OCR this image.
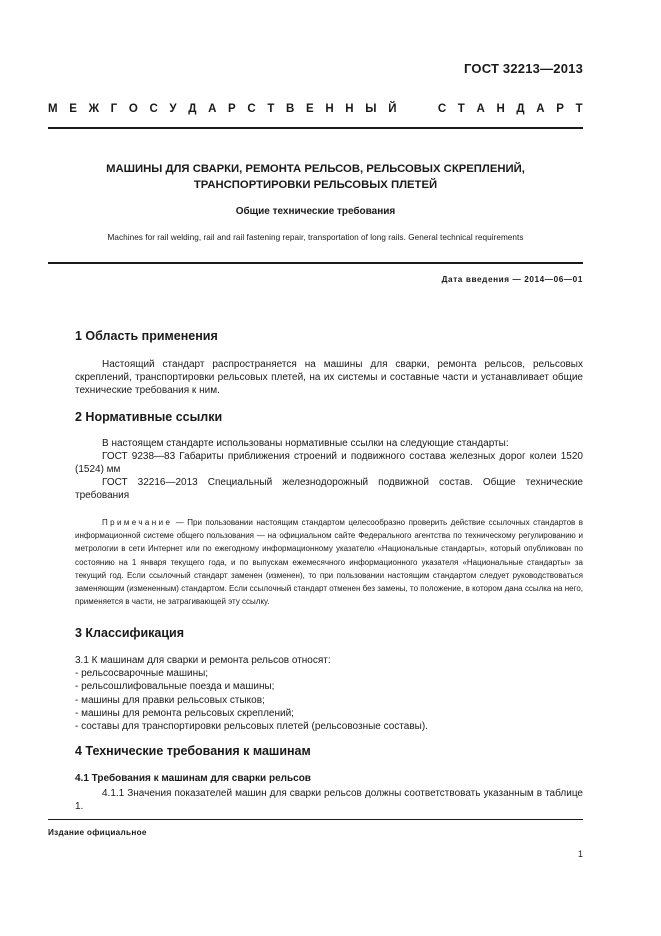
ГОСТ 32213—2013
М Е Ж Г О С У Д А Р С Т В Е Н Н Ы Й

	С Т А Н Д А Р Т
МАШИНЫ ДЛЯ СВАРКИ, РЕМОНТА РЕЛЬСОВ, РЕЛЬСОВЫХ СКРЕПЛЕНИЙ,
ТРАНСПОРТИРОВКИ РЕЛЬСОВЫХ ПЛЕТЕЙ
Общие технические требования
Machines for rail welding, rail and rail fastening repair, transportation of long rails. General technical requirements
Дата введения — 2014—06—01
1 Область применения

Настоящий стандарт распространяется на машины для сварки, ремонта рельсов, рельсовых скреплений, транспортировки рельсовых плетей, на их системы и составные части и устанавливает общие технические требования к ним.

2 Нормативные ссылки

В настоящем стандарте использованы нормативные ссылки на следующие стандарты:

ГОСТ 9238—83 Габариты приближения строений и подвижного состава железных дорог колеи 1520 (1524) мм

ГОСТ 32216—2013 Специальный железнодорожный подвижной состав. Общие технические требования

Примечание — При пользовании настоящим стандартом целесообразно проверить действие ссылочных стандартов в информационной системе общего пользования — на официальном сайте Федерального агентства по техническому регулированию и метрологии в сети Интернет или по ежегодному информационному указателю «Национальные стандарты», который опубликован по состоянию на 1 января текущего года, и по выпускам ежемесячного информационного указателя «Национальные стандарты» за текущий год. Если ссылочный стандарт заменен (изменен), то при пользовании настоящим стандартом следует руководствоваться заменяющим (измененным) стандартом. Если ссылочный стандарт отменен без замены, то положение, в котором дана ссылка на него, применяется в части, не затрагивающей эту ссылку.
3 Классификация

3.1 К машинам для сварки и ремонта рельсов относят:

- рельсосварочные машины;

- рельсошлифовальные поезда и машины;

- машины для правки рельсовых стыков;

- машины для ремонта рельсовых скреплений;

- составы для транспортировки рельсовых плетей (рельсовозные составы).

4 Технические требования к машинам
4.1 Требования к машинам для сварки рельсов

4.1.1 Значения показателей машин для сварки рельсов должны соответствовать указанным в таблице 1.

Издание официальное
1
